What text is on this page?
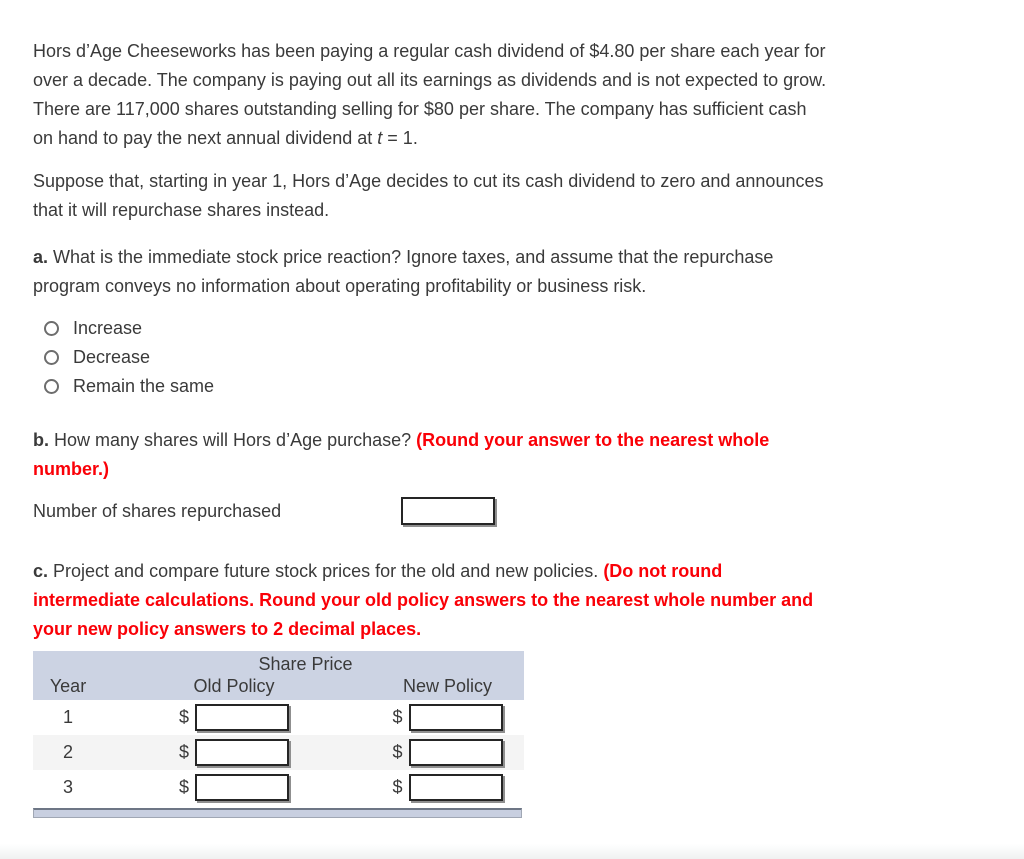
Hors d’Age Cheeseworks has been paying a regular cash dividend of $4.80 per share each year for
over a decade. The company is paying out all its earnings as dividends and is not expected to grow.
There are 117,000 shares outstanding selling for $80 per share. The company has sufficient cash
on hand to pay the next annual dividend at t = 1.

Suppose that, starting in year 1, Hors d’Age decides to cut its cash dividend to zero and announces
that it will repurchase shares instead.

a. What is the immediate stock price reaction? Ignore taxes, and assume that the repurchase
program conveys no information about operating profitability or business risk.

Increase
Decrease
Remain the same

b. How many shares will Hors d’Age purchase? (Round your answer to the nearest whole
number.)

Number of shares repurchased

c. Project and compare future stock prices for the old and new policies. (Do not round
intermediate calculations. Round your old policy answers to the nearest whole number and
your new policy answers to 2 decimal places.

Share Price
Year	Old Policy	New Policy
1	$	$
2	$	$
3	$	$
